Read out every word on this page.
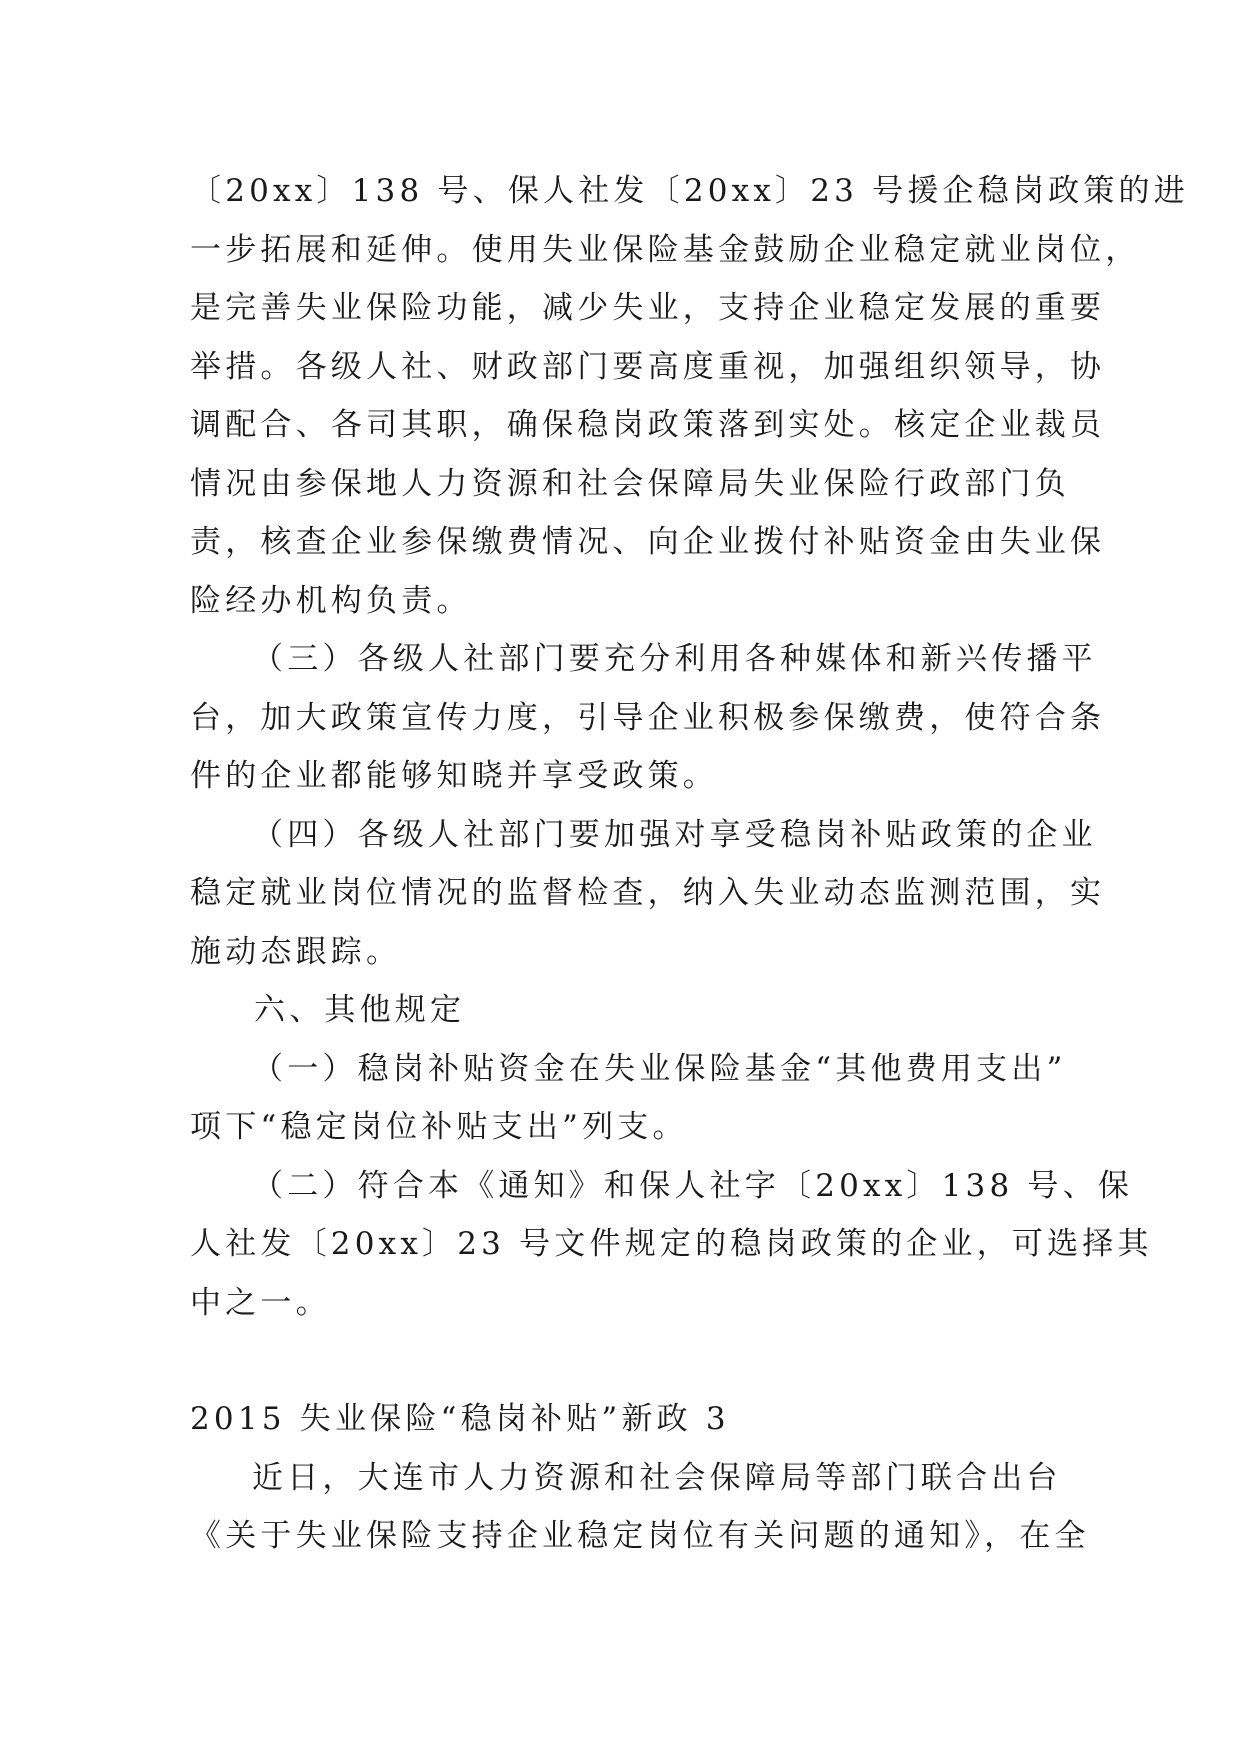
〔20xx〕138 号、保人社发〔20xx〕23 号援企稳岗政策的进
一步拓展和延伸。使用失业保险基金鼓励企业稳定就业岗位，
是完善失业保险功能，减少失业，支持企业稳定发展的重要
举措。各级人社、财政部门要高度重视，加强组织领导，协
调配合、各司其职，确保稳岗政策落到实处。核定企业裁员
情况由参保地人力资源和社会保障局失业保险行政部门负
责，核查企业参保缴费情况、向企业拨付补贴资金由失业保
险经办机构负责。
（三）各级人社部门要充分利用各种媒体和新兴传播平
台，加大政策宣传力度，引导企业积极参保缴费，使符合条
件的企业都能够知晓并享受政策。
（四）各级人社部门要加强对享受稳岗补贴政策的企业
稳定就业岗位情况的监督检查，纳入失业动态监测范围，实
施动态跟踪。
六、其他规定
（一）稳岗补贴资金在失业保险基金“其他费用支出”
项下“稳定岗位补贴支出”列支。
（二）符合本《通知》和保人社字〔20xx〕138 号、保
人社发〔20xx〕23 号文件规定的稳岗政策的企业，可选择其
中之一。
2015 失业保险“稳岗补贴”新政 3
近日，大连市人力资源和社会保障局等部门联合出台
《关于失业保险支持企业稳定岗位有关问题的通知》，在全
